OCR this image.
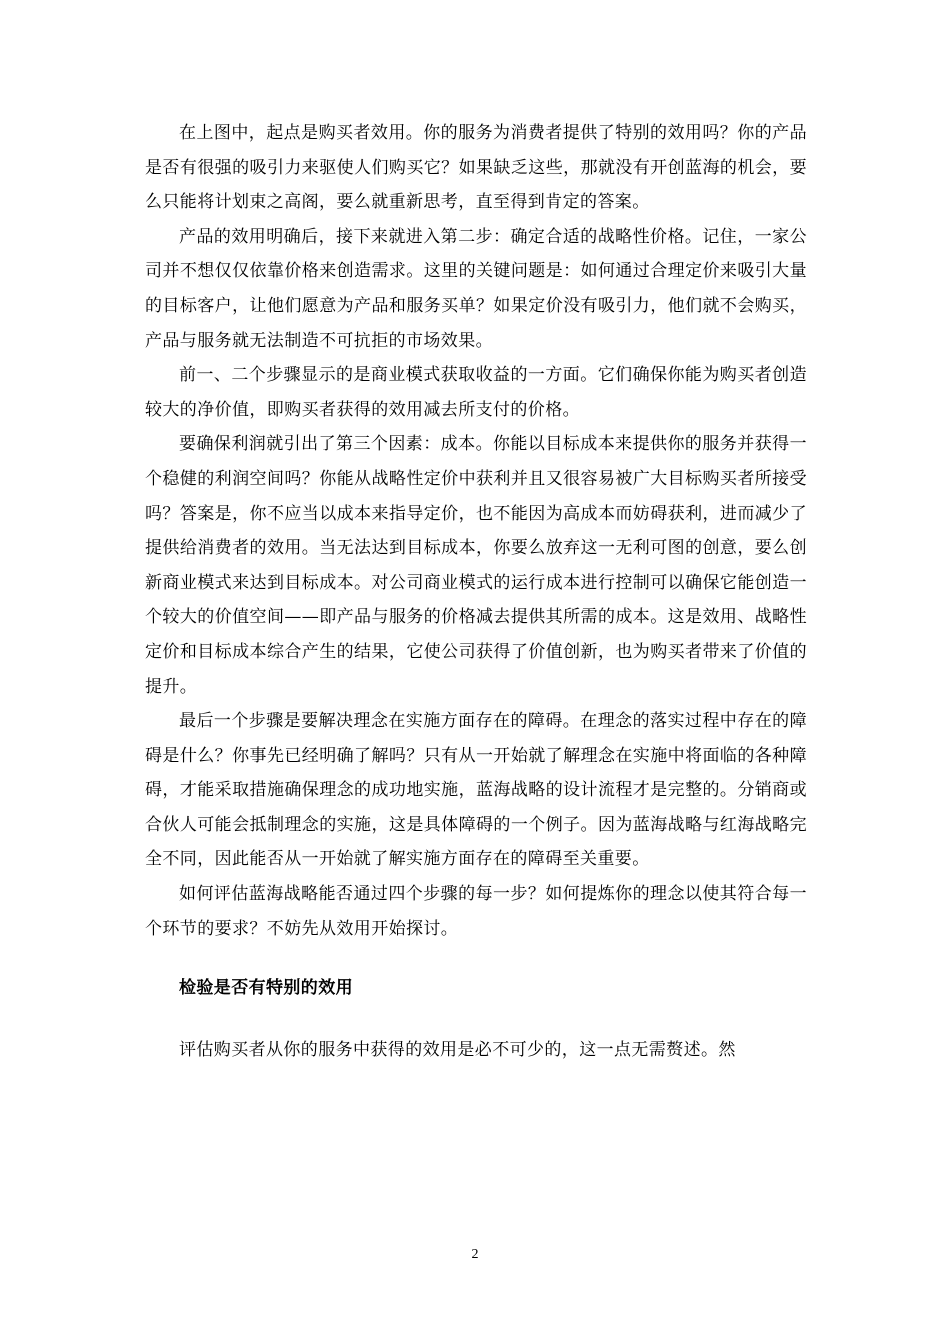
在上图中，起点是购买者效用。你的服务为消费者提供了特别的效用吗？你的产品是否有很强的吸引力来驱使人们购买它？如果缺乏这些，那就没有开创蓝海的机会，要么只能将计划束之高阁，要么就重新思考，直至得到肯定的答案。

产品的效用明确后，接下来就进入第二步：确定合适的战略性价格。记住，一家公司并不想仅仅依靠价格来创造需求。这里的关键问题是：如何通过合理定价来吸引大量的目标客户，让他们愿意为产品和服务买单？如果定价没有吸引力，他们就不会购买，产品与服务就无法制造不可抗拒的市场效果。

前一、二个步骤显示的是商业模式获取收益的一方面。它们确保你能为购买者创造较大的净价值，即购买者获得的效用减去所支付的价格。

要确保利润就引出了第三个因素：成本。你能以目标成本来提供你的服务并获得一个稳健的利润空间吗？你能从战略性定价中获利并且又很容易被广大目标购买者所接受吗？答案是，你不应当以成本来指导定价，也不能因为高成本而妨碍获利，进而减少了提供给消费者的效用。当无法达到目标成本，你要么放弃这一无利可图的创意，要么创新商业模式来达到目标成本。对公司商业模式的运行成本进行控制可以确保它能创造一个较大的价值空间——即产品与服务的价格减去提供其所需的成本。这是效用、战略性定价和目标成本综合产生的结果，它使公司获得了价值创新，也为购买者带来了价值的提升。

最后一个步骤是要解决理念在实施方面存在的障碍。在理念的落实过程中存在的障碍是什么？你事先已经明确了解吗？只有从一开始就了解理念在实施中将面临的各种障碍，才能采取措施确保理念的成功地实施，蓝海战略的设计流程才是完整的。分销商或合伙人可能会抵制理念的实施，这是具体障碍的一个例子。因为蓝海战略与红海战略完全不同，因此能否从一开始就了解实施方面存在的障碍至关重要。

如何评估蓝海战略能否通过四个步骤的每一步？如何提炼你的理念以使其符合每一个环节的要求？不妨先从效用开始探讨。

检验是否有特别的效用

评估购买者从你的服务中获得的效用是必不可少的，这一点无需赘述。然

2
